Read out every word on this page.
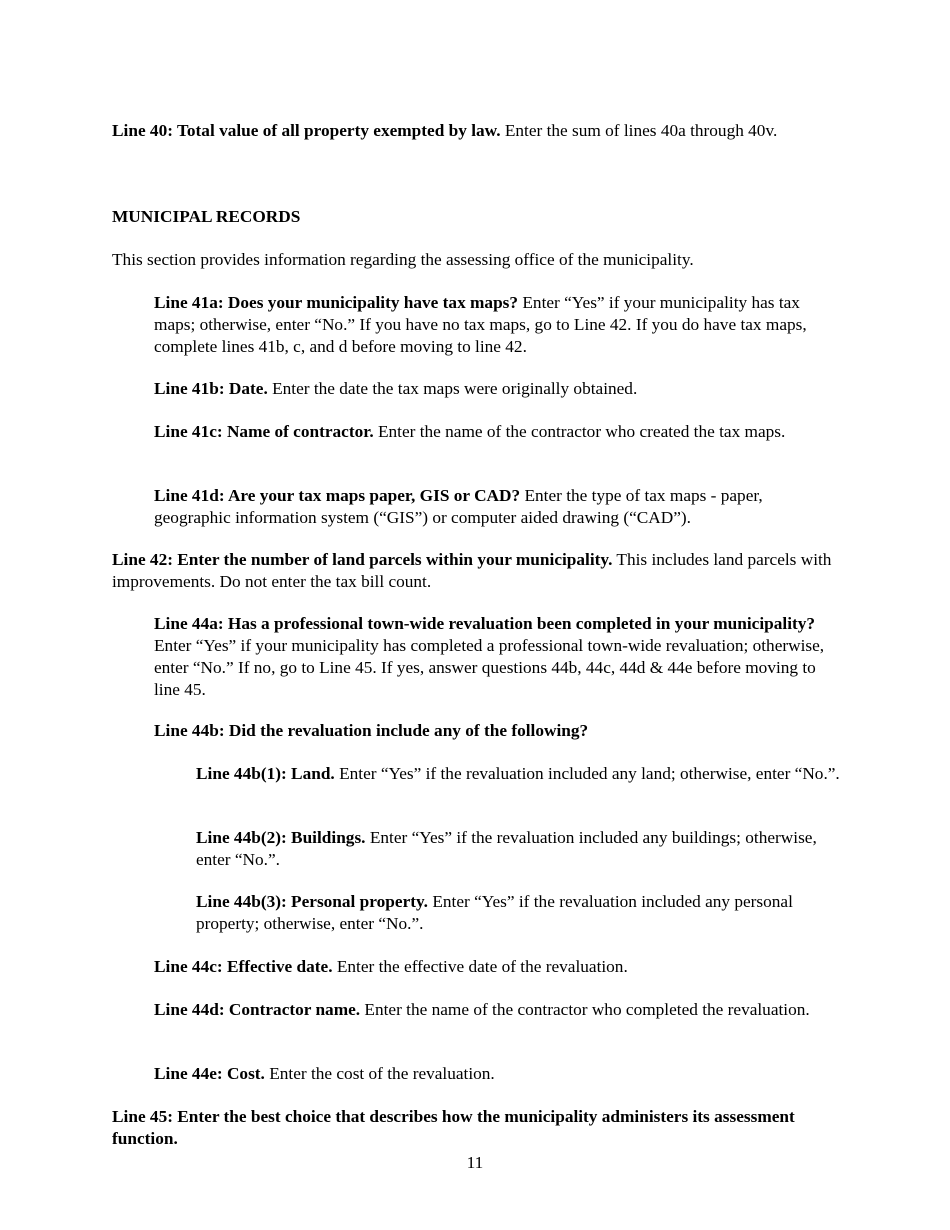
Line 40: Total value of all property exempted by law. Enter the sum of lines 40a through 40v.

MUNICIPAL RECORDS

This section provides information regarding the assessing office of the municipality.

Line 41a: Does your municipality have tax maps? Enter “Yes” if your municipality has tax maps; otherwise, enter “No.” If you have no tax maps, go to Line 42. If you do have tax maps, complete lines 41b, c, and d before moving to line 42.

Line 41b: Date. Enter the date the tax maps were originally obtained.

Line 41c: Name of contractor. Enter the name of the contractor who created the tax maps.

Line 41d: Are your tax maps paper, GIS or CAD? Enter the type of tax maps - paper, geographic information system (“GIS”) or computer aided drawing (“CAD”).

Line 42: Enter the number of land parcels within your municipality. This includes land parcels with improvements. Do not enter the tax bill count.

Line 44a: Has a professional town-wide revaluation been completed in your municipality? Enter “Yes” if your municipality has completed a professional town-wide revaluation; otherwise, enter “No.” If no, go to Line 45. If yes, answer questions 44b, 44c, 44d & 44e before moving to line 45.

Line 44b: Did the revaluation include any of the following?

Line 44b(1): Land. Enter “Yes” if the revaluation included any land; otherwise, enter “No.”.

Line 44b(2): Buildings. Enter “Yes” if the revaluation included any buildings; otherwise, enter “No.”.

Line 44b(3): Personal property. Enter “Yes” if the revaluation included any personal property; otherwise, enter “No.”.

Line 44c: Effective date. Enter the effective date of the revaluation.

Line 44d: Contractor name. Enter the name of the contractor who completed the revaluation.

Line 44e: Cost. Enter the cost of the revaluation.

Line 45: Enter the best choice that describes how the municipality administers its assessment function.

11
